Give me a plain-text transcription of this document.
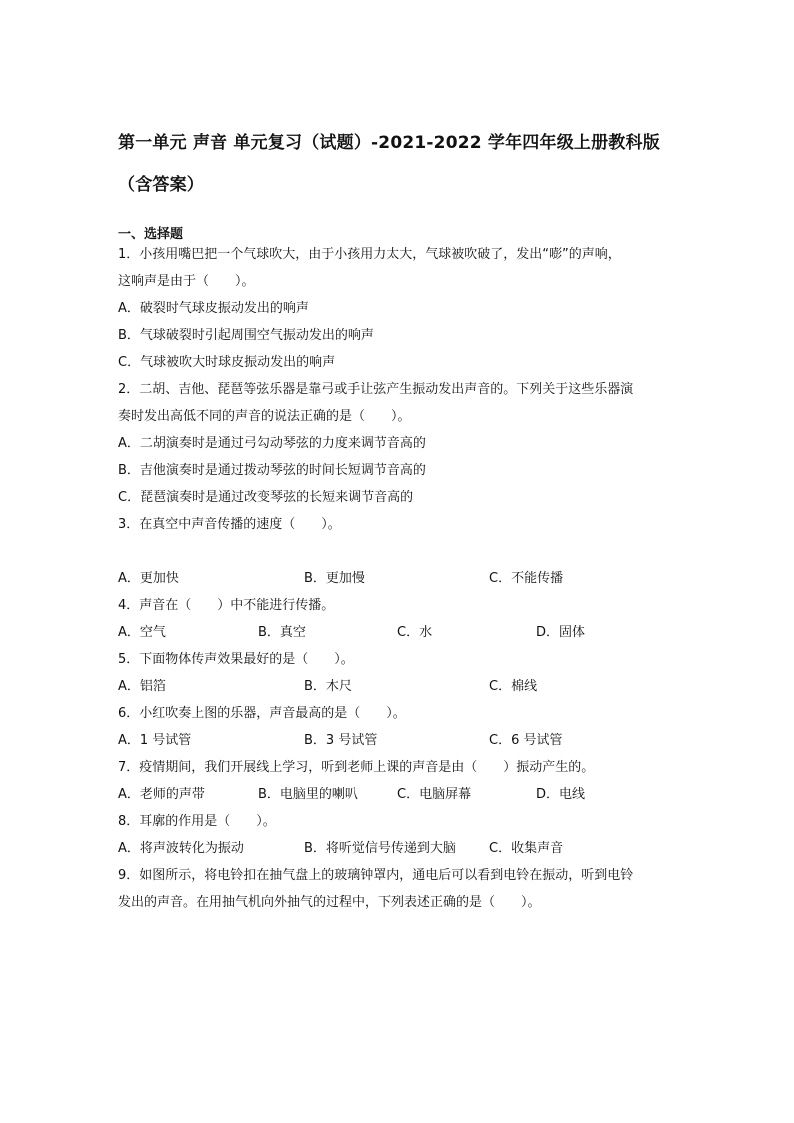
第一单元 声音 单元复习（试题）-2021-2022 学年四年级上册教科版
（含答案）
一、选择题
1．小孩用嘴巴把一个气球吹大，由于小孩用力太大，气球被吹破了，发出“嘭”的声响，
这响声是由于（　　）。
A．破裂时气球皮振动发出的响声
B．气球破裂时引起周围空气振动发出的响声
C．气球被吹大时球皮振动发出的响声
2．二胡、吉他、琵琶等弦乐器是靠弓或手让弦产生振动发出声音的。下列关于这些乐器演
奏时发出高低不同的声音的说法正确的是（　　）。
A．二胡演奏时是通过弓勾动琴弦的力度来调节音高的
B．吉他演奏时是通过拨动琴弦的时间长短调节音高的
C．琵琶演奏时是通过改变琴弦的长短来调节音高的
3．在真空中声音传播的速度（　　）。
A．更加快	B．更加慢	C．不能传播
4．声音在（　　）中不能进行传播。
A．空气	B．真空	C．水	D．固体
5．下面物体传声效果最好的是（　　）。
A．铝箔	B．木尺	C．棉线
6．小红吹奏上图的乐器，声音最高的是（　　）。
A．1 号试管	B．3 号试管	C．6 号试管
7．疫情期间，我们开展线上学习，听到老师上课的声音是由（　　）振动产生的。
A．老师的声带	B．电脑里的喇叭	C．电脑屏幕	D．电线
8．耳廓的作用是（　　）。
A．将声波转化为振动	B．将听觉信号传递到大脑	C．收集声音
9．如图所示，将电铃扣在抽气盘上的玻璃钟罩内，通电后可以看到电铃在振动，听到电铃
发出的声音。在用抽气机向外抽气的过程中，下列表述正确的是（　　）。
